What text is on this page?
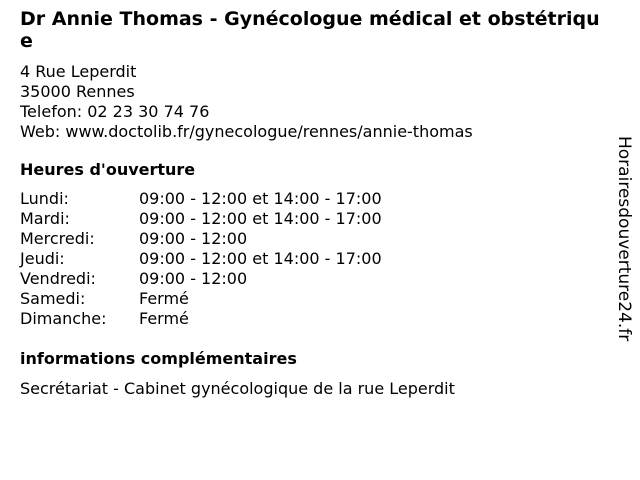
Dr Annie Thomas - Gynécologue médical et obstétrique
4 Rue Leperdit
35000 Rennes
Telefon: 02 23 30 74 76
Web: www.doctolib.fr/gynecologue/rennes/annie-thomas
Heures d'ouverture
Lundi:	09:00 - 12:00 et 14:00 - 17:00
Mardi:	09:00 - 12:00 et 14:00 - 17:00
Mercredi:	09:00 - 12:00
Jeudi:	09:00 - 12:00 et 14:00 - 17:00
Vendredi:	09:00 - 12:00
Samedi:	Fermé
Dimanche:	Fermé
informations complémentaires
Secrétariat - Cabinet gynécologique de la rue Leperdit
Horairesdouverture24.fr
